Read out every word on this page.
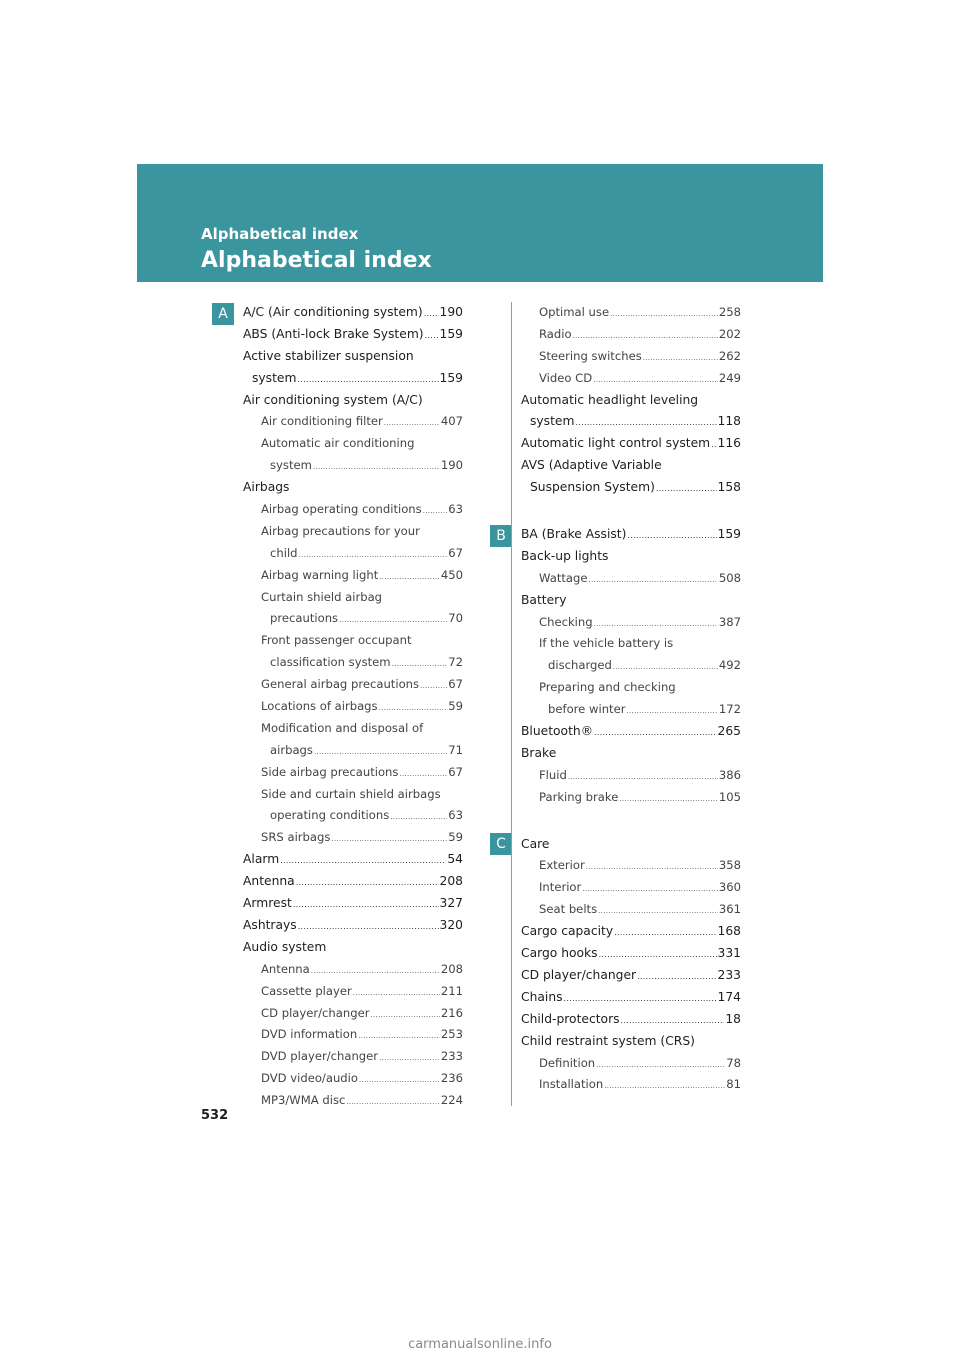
Alphabetical index
Alphabetical index
A
B
C
A/C (Air conditioning system) ..... 190
ABS (Anti-lock Brake System) ..... 159
Active stabilizer suspension
system .....	159
Air conditioning system (A/C)
Air conditioning filter .....	407
Automatic air conditioning
system .....	190
Airbags
Airbag operating conditions ..... 63
Airbag precautions for your
child .....	67
Airbag warning light .....	450
Curtain shield airbag
precautions .....	70
Front passenger occupant
classification system .....	72
General airbag precautions .....	67
Locations of airbags .....	59
Modification and disposal of
airbags .....	71
Side airbag precautions .....	67
Side and curtain shield airbags
operating conditions .....	63
SRS airbags .....	59
Alarm .....	54
Antenna .....	208
Armrest .....	327
Ashtrays .....	320
Audio system
Antenna .....	208
Cassette player .....	211
CD player/changer .....	216
DVD information .....	253
DVD player/changer .....	233
DVD video/audio .....	236
MP3/WMA disc .....	224
Optimal use .....	258
Radio .....	202
Steering switches .....	262
Video CD .....	249
Automatic headlight leveling
system .....	118
Automatic light control system ..... 116
AVS (Adaptive Variable
Suspension System) .....	158
BA (Brake Assist) .....	159
Back-up lights
Wattage .....	508
Battery
Checking .....	387
If the vehicle battery is
discharged .....	492
Preparing and checking
before winter .....	172
Bluetooth® .....	265
Brake
Fluid .....	386
Parking brake .....	105
Care
Exterior .....	358
Interior .....	360
Seat belts .....	361
Cargo capacity .....	168
Cargo hooks .....	331
CD player/changer .....	233
Chains .....	174
Child-protectors .....	18
Child restraint system (CRS)
Definition .....	78
Installation .....	81
532
carmanualsonline.info
